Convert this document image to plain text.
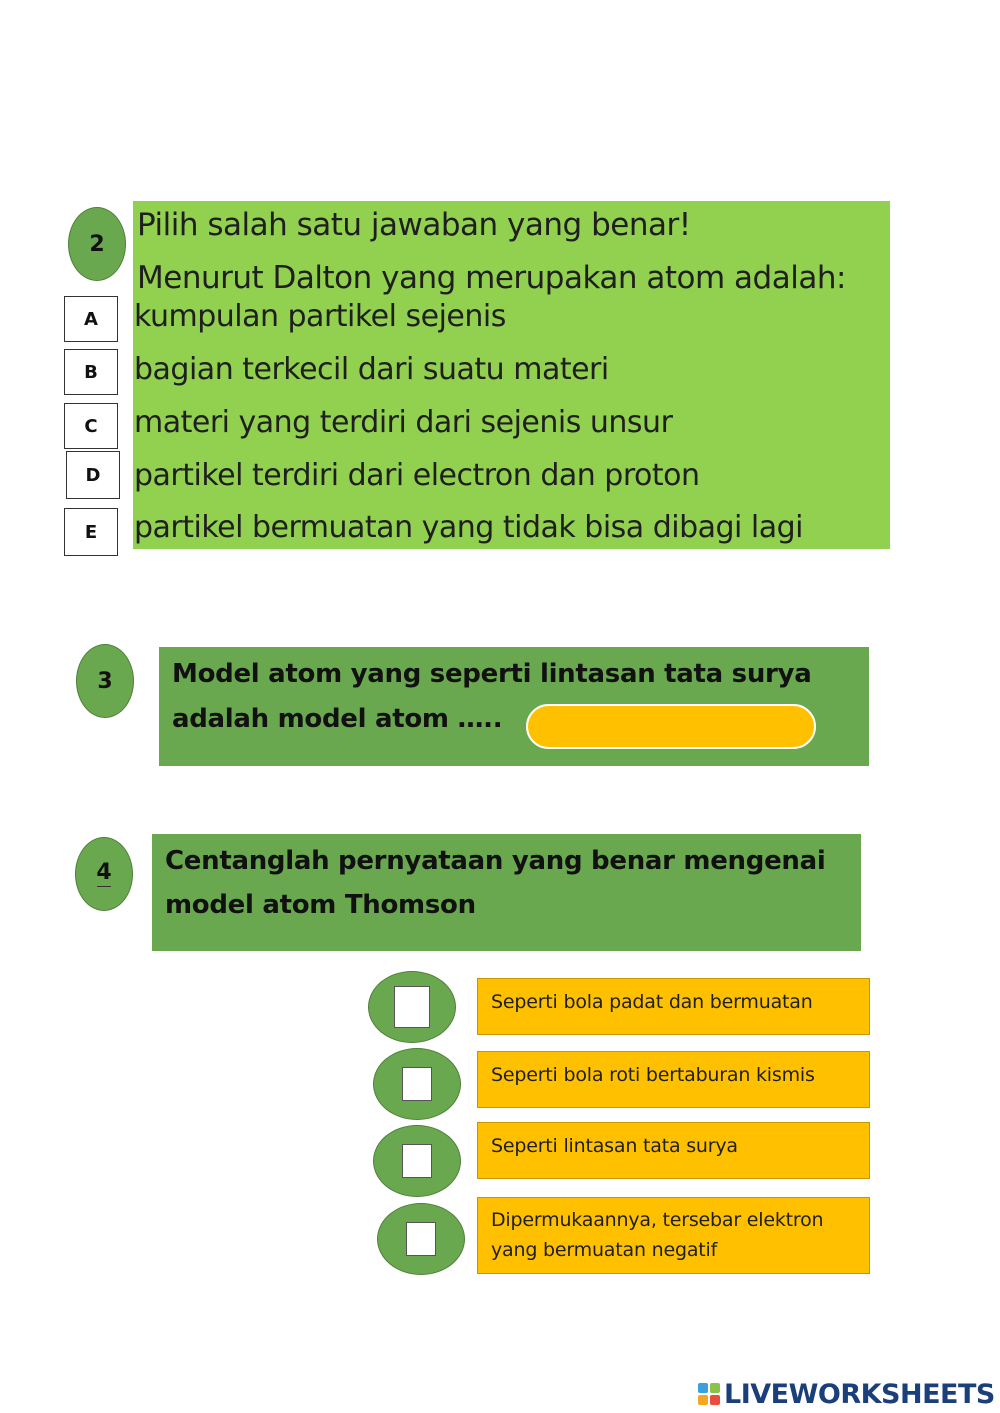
2
Pilih salah satu jawaban yang benar!
Menurut Dalton yang merupakan atom adalah:
A	kumpulan partikel sejenis
B	bagian terkecil dari suatu materi
C	materi yang terdiri dari sejenis unsur
D	partikel terdiri dari electron dan proton
E	partikel bermuatan yang tidak bisa dibagi lagi
3	Model atom yang seperti lintasan tata surya
adalah model atom …..
4 Centanglah pernyataan yang benar mengenai
model atom Thomson
Seperti bola padat dan bermuatan
Seperti bola roti bertaburan kismis
Seperti lintasan tata surya
Dipermukaannya, tersebar elektron yang bermuatan negatif
LIVEWORKSHEETS
